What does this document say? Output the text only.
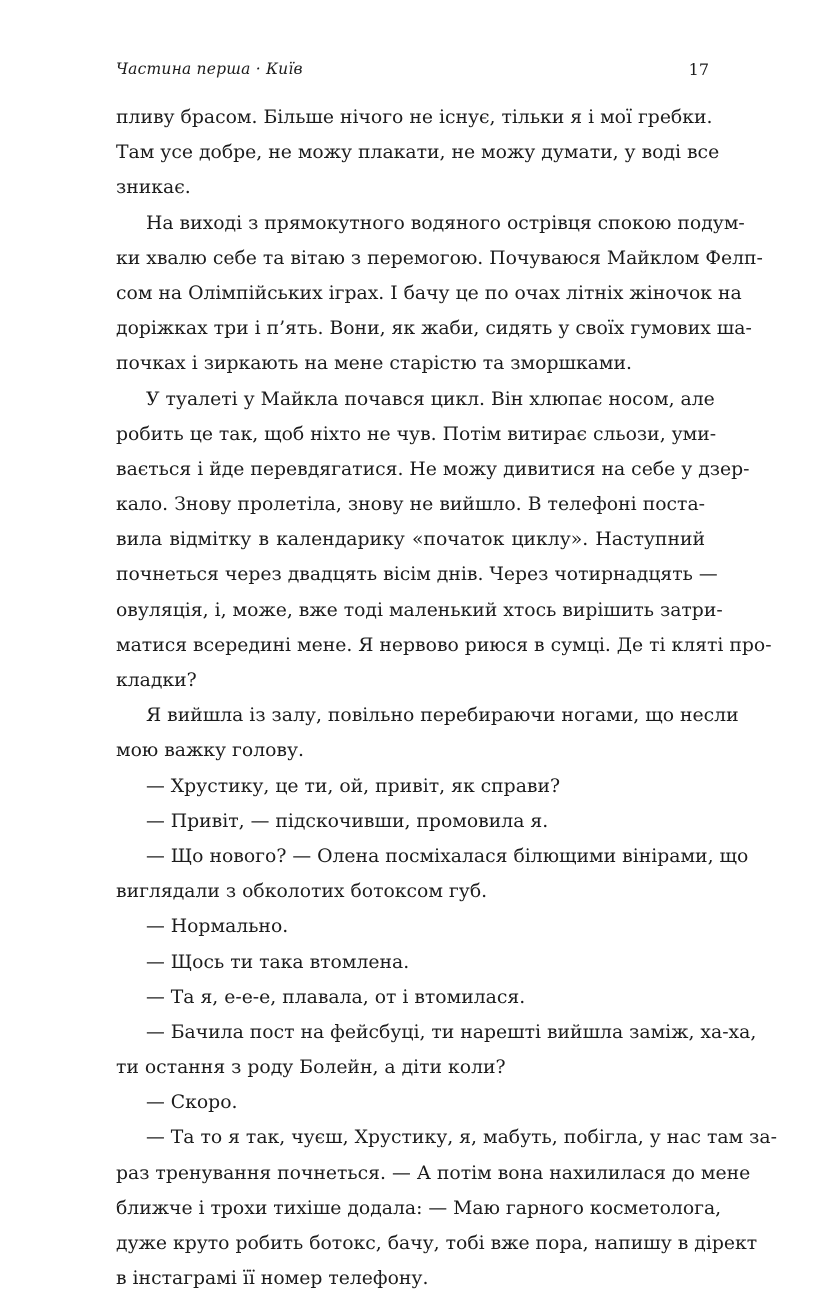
Частина перша · Київ	17
пливу брасом. Більше нічого не існує, тільки я і мої гребки.
Там усе добре, не можу плакати, не можу думати, у воді все
зникає.
На виході з прямокутного водяного острівця спокою подум-
ки хвалю себе та вітаю з перемогою. Почуваюся Майклом Фелп-
сом на Олімпійських іграх. І бачу це по очах літніх жіночок на
доріжках три і п’ять. Вони, як жаби, сидять у своїх гумових ша-
почках і зиркають на мене старістю та зморшками.
У туалеті у Майкла почався цикл. Він хлюпає носом, але
робить це так, щоб ніхто не чув. Потім витирає сльози, уми-
вається і йде перевдягатися. Не можу дивитися на себе у дзер-
кало. Знову пролетіла, знову не вийшло. В телефоні поста-
вила відмітку в календарику «початок циклу». Наступний
почнеться через двадцять вісім днів. Через чотирнадцять —
овуляція, і, може, вже тоді маленький хтось вирішить затри-
матися всередині мене. Я нервово риюся в сумці. Де ті кляті про-
кладки?
Я вийшла із залу, повільно перебираючи ногами, що несли
мою важку голову.
— Хрустику, це ти, ой, привіт, як справи?
— Привіт, — підскочивши, промовила я.
— Що нового? — Олена посміхалася білющими вінірами, що
виглядали з обколотих ботоксом губ.
— Нормально.
— Щось ти така втомлена.
— Та я, е-е-е, плавала, от і втомилася.
— Бачила пост на фейсбуці, ти нарешті вийшла заміж, ха-ха,
ти остання з роду Болейн, а діти коли?
— Скоро.
— Та то я так, чуєш, Хрустику, я, мабуть, побігла, у нас там за-
раз тренування почнеться. — А потім вона нахилилася до мене
ближче і трохи тихіше додала: — Маю гарного косметолога,
дуже круто робить ботокс, бачу, тобі вже пора, напишу в дірект
в інстаграмі її номер телефону.
